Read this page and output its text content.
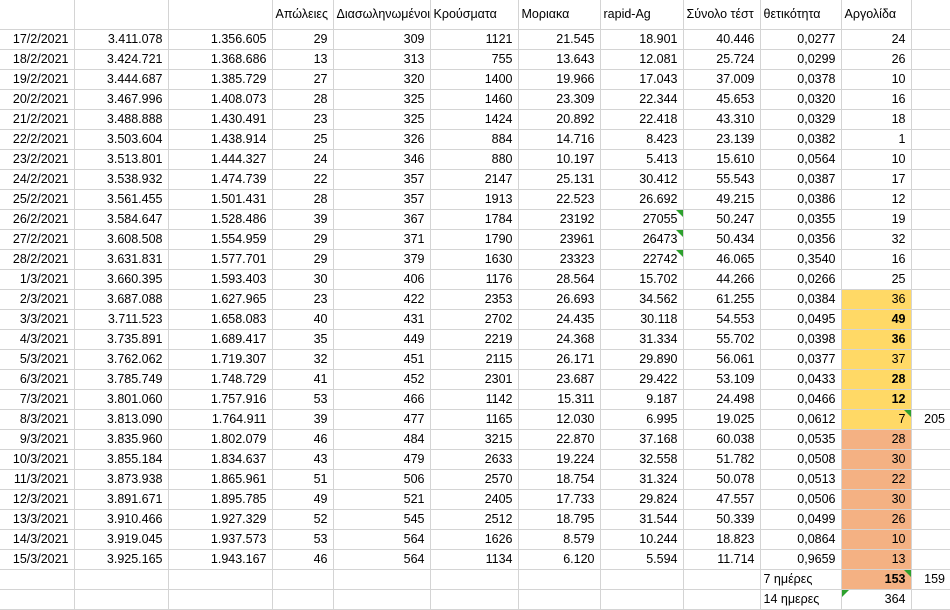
			Απώλειες	Διασωληνωμένοι	Κρούσματα	Μοριακα	rapid-Ag	Σύνολο τέστ	θετικότητα	Αργολίδα	
17/2/2021	3.411.078	1.356.605	29	309	1121	21.545	18.901	40.446	0,0277	24	
18/2/2021	3.424.721	1.368.686	13	313	755	13.643	12.081	25.724	0,0299	26	
19/2/2021	3.444.687	1.385.729	27	320	1400	19.966	17.043	37.009	0,0378	10	
20/2/2021	3.467.996	1.408.073	28	325	1460	23.309	22.344	45.653	0,0320	16	
21/2/2021	3.488.888	1.430.491	23	325	1424	20.892	22.418	43.310	0,0329	18	
22/2/2021	3.503.604	1.438.914	25	326	884	14.716	8.423	23.139	0,0382	1	
23/2/2021	3.513.801	1.444.327	24	346	880	10.197	5.413	15.610	0,0564	10	
24/2/2021	3.538.932	1.474.739	22	357	2147	25.131	30.412	55.543	0,0387	17	
25/2/2021	3.561.455	1.501.431	28	357	1913	22.523	26.692	49.215	0,0386	12	
26/2/2021	3.584.647	1.528.486	39	367	1784	23192	27055	50.247	0,0355	19	
27/2/2021	3.608.508	1.554.959	29	371	1790	23961	26473	50.434	0,0356	32	
28/2/2021	3.631.831	1.577.701	29	379	1630	23323	22742	46.065	0,3540	16	
1/3/2021	3.660.395	1.593.403	30	406	1176	28.564	15.702	44.266	0,0266	25	
2/3/2021	3.687.088	1.627.965	23	422	2353	26.693	34.562	61.255	0,0384	36	
3/3/2021	3.711.523	1.658.083	40	431	2702	24.435	30.118	54.553	0,0495	49	
4/3/2021	3.735.891	1.689.417	35	449	2219	24.368	31.334	55.702	0,0398	36	
5/3/2021	3.762.062	1.719.307	32	451	2115	26.171	29.890	56.061	0,0377	37	
6/3/2021	3.785.749	1.748.729	41	452	2301	23.687	29.422	53.109	0,0433	28	
7/3/2021	3.801.060	1.757.916	53	466	1142	15.311	9.187	24.498	0,0466	12	
8/3/2021	3.813.090	1.764.911	39	477	1165	12.030	6.995	19.025	0,0612	7	205
9/3/2021	3.835.960	1.802.079	46	484	3215	22.870	37.168	60.038	0,0535	28	
10/3/2021	3.855.184	1.834.637	43	479	2633	19.224	32.558	51.782	0,0508	30	
11/3/2021	3.873.938	1.865.961	51	506	2570	18.754	31.324	50.078	0,0513	22	
12/3/2021	3.891.671	1.895.785	49	521	2405	17.733	29.824	47.557	0,0506	30	
13/3/2021	3.910.466	1.927.329	52	545	2512	18.795	31.544	50.339	0,0499	26	
14/3/2021	3.919.045	1.937.573	53	564	1626	8.579	10.244	18.823	0,0864	10	
15/3/2021	3.925.165	1.943.167	46	564	1134	6.120	5.594	11.714	0,9659	13	
									7 ημέρες	153	159
									14 ημερες	364	
